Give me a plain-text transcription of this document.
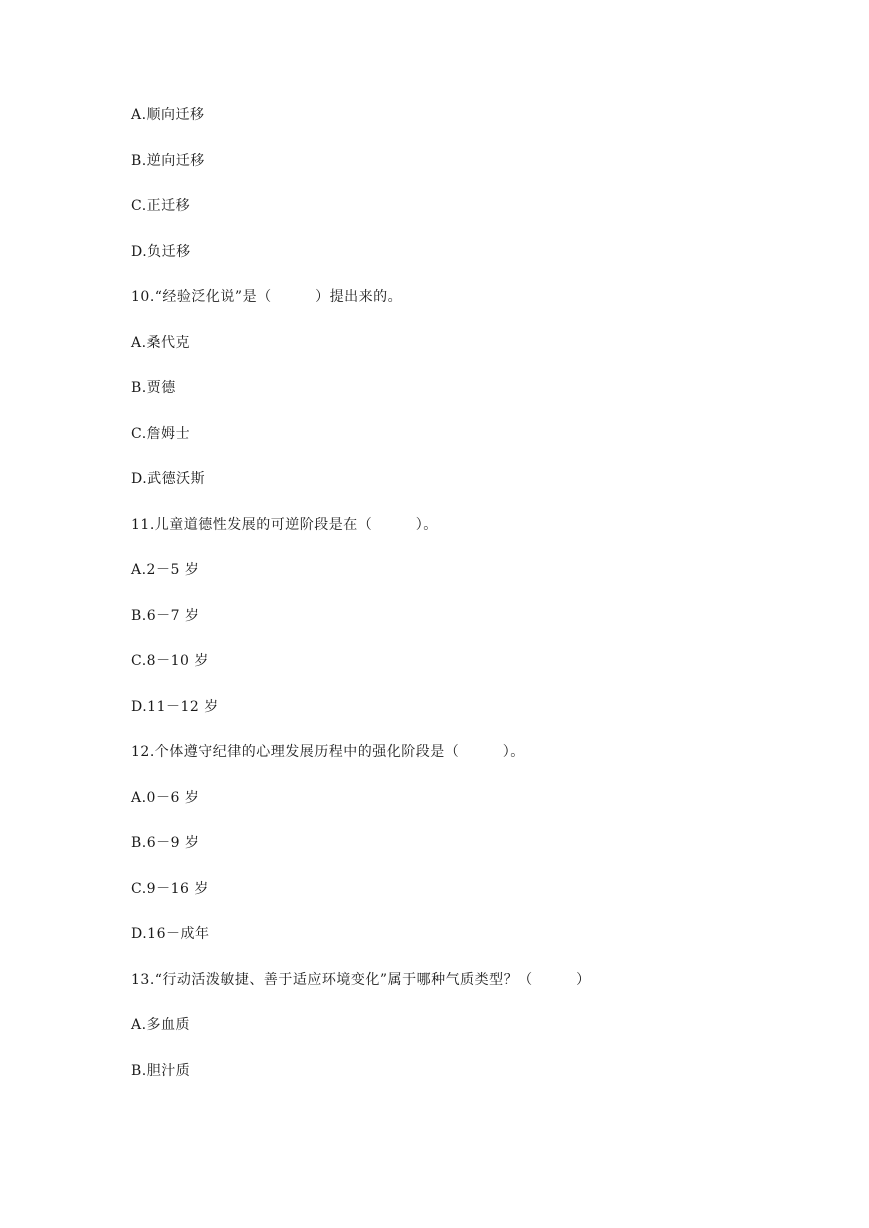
A.顺向迁移
B.逆向迁移
C.正迁移
D.负迁移
10.“经验泛化说”是（　　　）提出来的。
A.桑代克
B.贾德
C.詹姆士
D.武德沃斯
11.儿童道德性发展的可逆阶段是在（　　　）。
A.2－5 岁
B.6－7 岁
C.8－10 岁
D.11－12 岁
12.个体遵守纪律的心理发展历程中的强化阶段是（　　　）。
A.0－6 岁
B.6－9 岁
C.9－16 岁
D.16－成年
13.“行动活泼敏捷、善于适应环境变化”属于哪种气质类型？（　　　）
A.多血质
B.胆汁质
